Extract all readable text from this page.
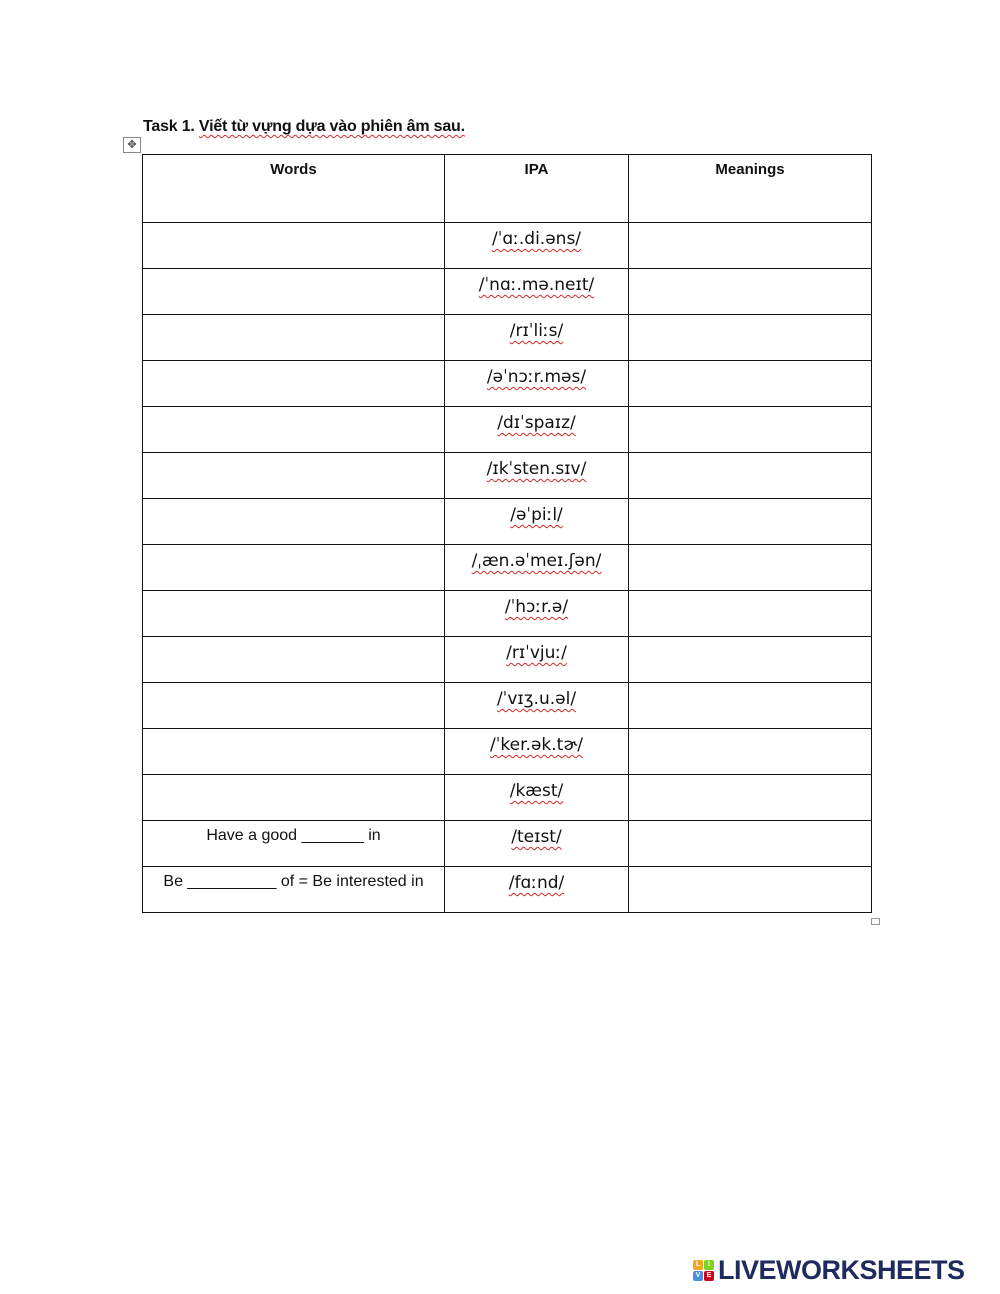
Task 1. Viết từ vựng dựa vào phiên âm sau.
✥
Words	IPA	Meanings
	/ˈɑː.di.əns/	
	/ˈnɑː.mə.neɪt/	
	/rɪˈliːs/	
	/əˈnɔːr.məs/	
	/dɪˈspaɪz/	
	/ɪkˈsten.sɪv/	
	/əˈpiːl/	
	/ˌæn.əˈmeɪ.ʃən/	
	/ˈhɔːr.ə/	
	/rɪˈvjuː/	
	/ˈvɪʒ.u.əl/	
	/ˈker.ək.tɚ/	
	/kæst/	
Have a good _______ in	/teɪst/	
Be __________ of = Be interested in	/fɑːnd/	
L	I
V E LIVEWORKSHEETS
